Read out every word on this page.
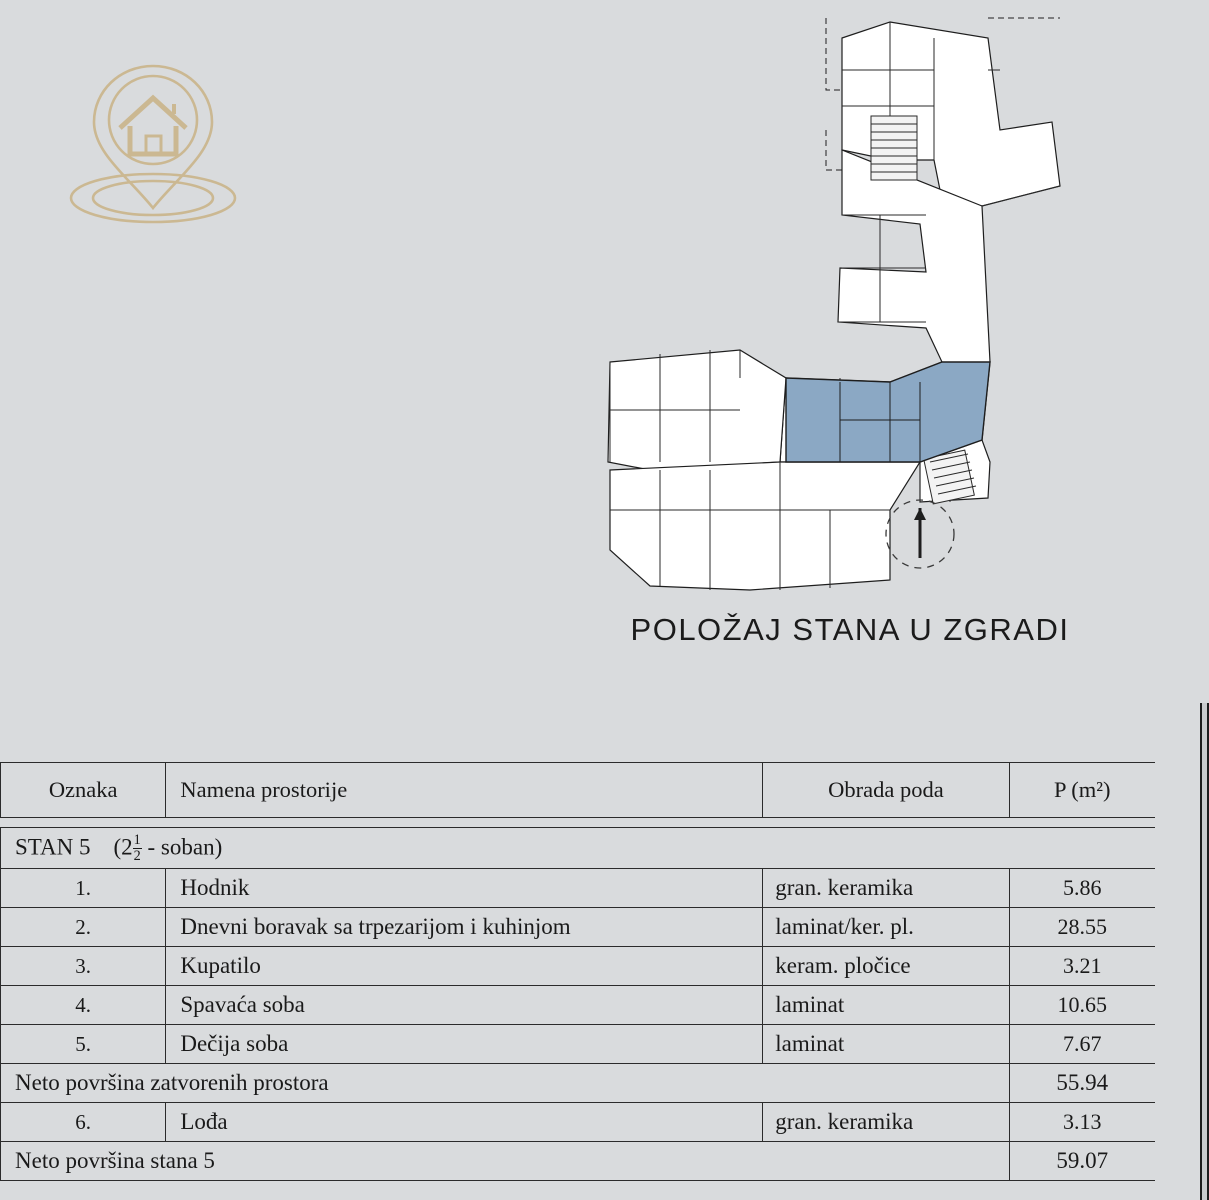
POLOŽAJ STANA U ZGRADI
Oznaka	Namena prostorije	Obrada poda	P (m²)

STAN 5 ($2 \frac{1}{2}$ - soban)			
1.	Hodnik	gran. keramika	5.86
2.	Dnevni boravak sa trpezarijom i kuhinjom	laminat/ker. pl.	28.55
3.	Kupatilo	keram. pločice	3.21
4.	Spavaća soba	laminat	10.65
5.	Dečija soba	laminat	7.67
Neto površina zatvorenih prostora			55.94
6.	Lođa	gran. keramika	3.13
Neto površina stana 5			59.07
